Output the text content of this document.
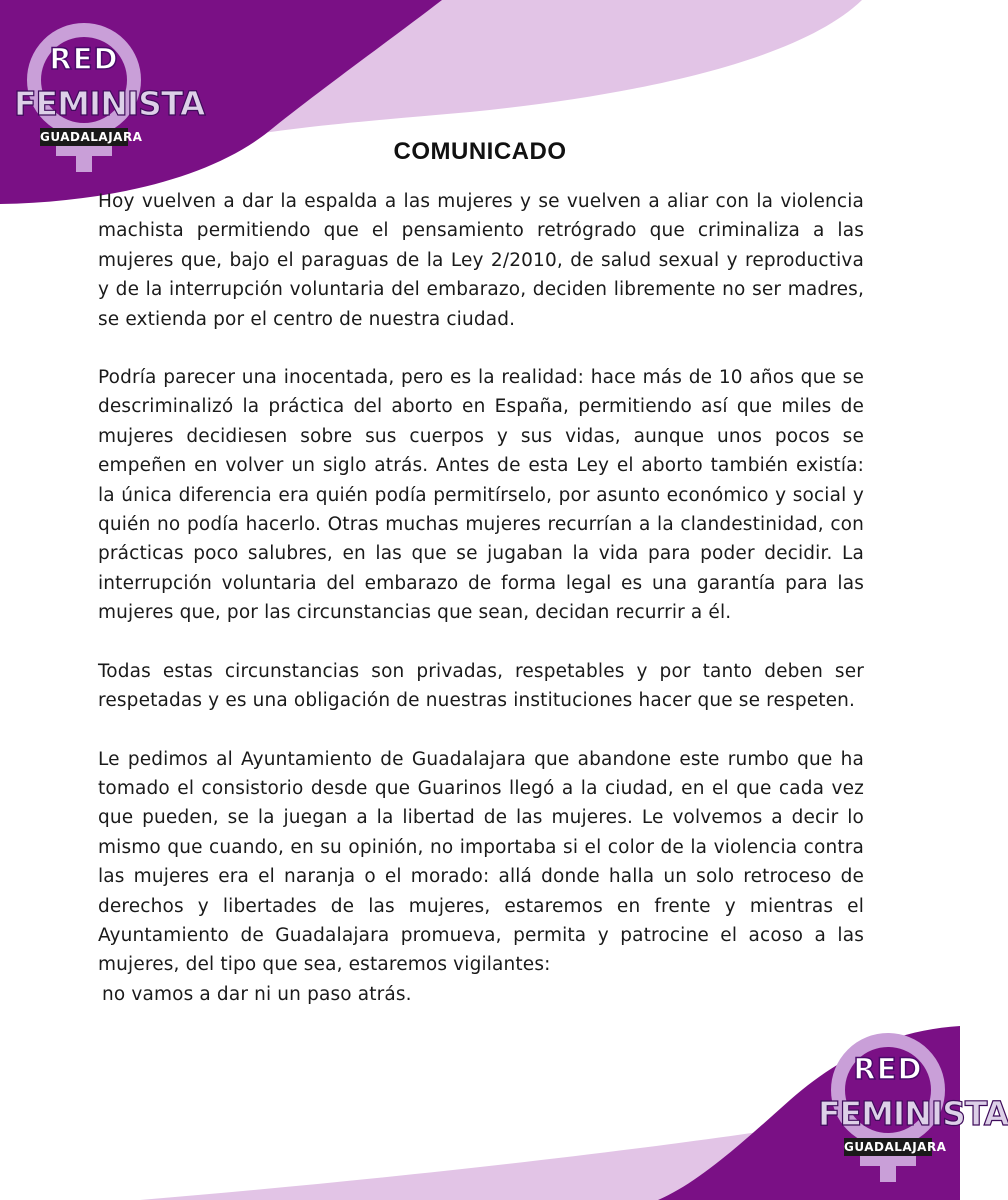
RED
FEMINISTA
GUADALAJARA
RED
FEMINISTA
GUADALAJARA
COMUNICADO

Hoy vuelven a dar la espalda a las mujeres y se vuelven a aliar con la violencia machista permitiendo que el pensamiento retrógrado que criminaliza a las mujeres que, bajo el paraguas de la Ley 2/2010, de salud sexual y reproductiva y de la interrupción voluntaria del embarazo, deciden libremente no ser madres, se extienda por el centro de nuestra ciudad.

Podría parecer una inocentada, pero es la realidad: hace más de 10 años que se descriminalizó la práctica del aborto en España, permitiendo así que miles de mujeres decidiesen sobre sus cuerpos y sus vidas, aunque unos pocos se empeñen en volver un siglo atrás. Antes de esta Ley el aborto también existía: la única diferencia era quién podía permitírselo, por asunto económico y social y quién no podía hacerlo. Otras muchas mujeres recurrían a la clandestinidad, con prácticas poco salubres, en las que se jugaban la vida para poder decidir. La interrupción voluntaria del embarazo de forma legal es una garantía para las mujeres que, por las circunstancias que sean, decidan recurrir a él.

Todas estas circunstancias son privadas, respetables y por tanto deben ser respetadas y es una obligación de nuestras instituciones hacer que se respeten.

Le pedimos al Ayuntamiento de Guadalajara que abandone este rumbo que ha tomado el consistorio desde que Guarinos llegó a la ciudad, en el que cada vez que pueden, se la juegan a la libertad de las mujeres. Le volvemos a decir lo mismo que cuando, en su opinión, no importaba si el color de la violencia contra las mujeres era el naranja o el morado: allá donde halla un solo retroceso de derechos y libertades de las mujeres, estaremos en frente y mientras el Ayuntamiento de Guadalajara promueva, permita y patrocine el acoso a las mujeres, del tipo que sea, estaremos vigilantes:

no vamos a dar ni un paso atrás.
